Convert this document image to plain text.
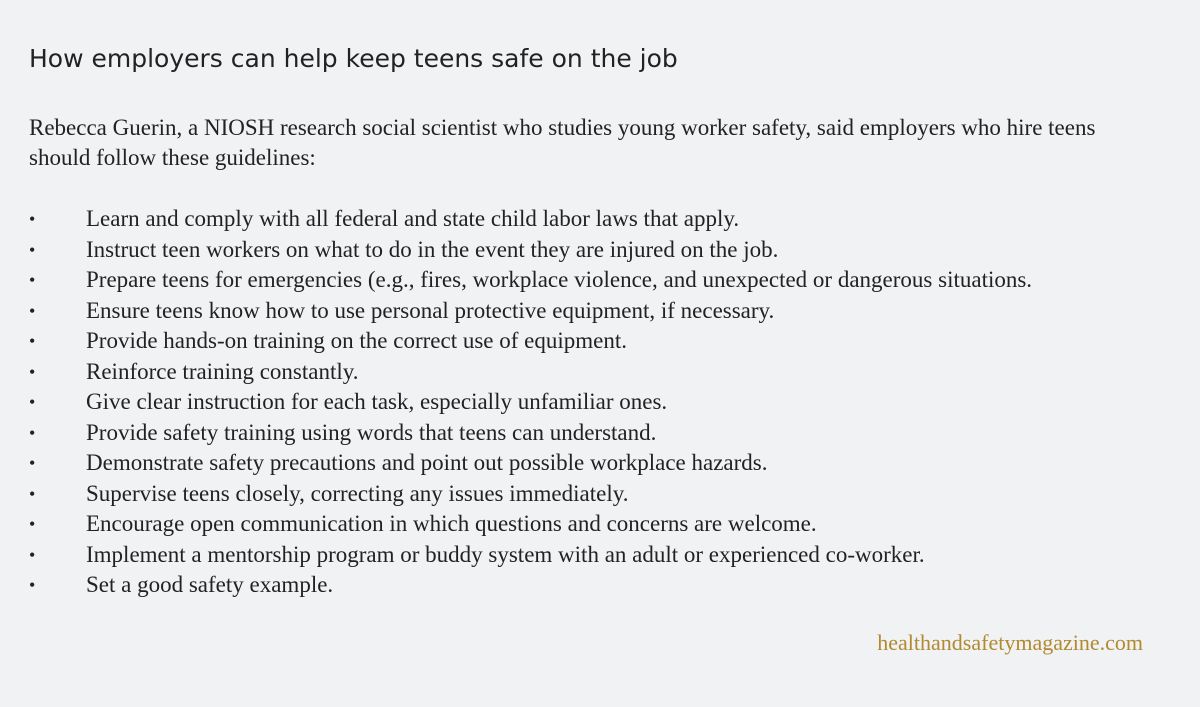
How employers can help keep teens safe on the job

Rebecca Guerin, a NIOSH research social scientist who studies young worker safety, said employers who hire teens should follow these guidelines:

• Learn and comply with all federal and state child labor laws that apply.
• Instruct teen workers on what to do in the event they are injured on the job.
• Prepare teens for emergencies (e.g., fires, workplace violence, and unexpected or dangerous situations.
• Ensure teens know how to use personal protective equipment, if necessary.
• Provide hands-on training on the correct use of equipment.
• Reinforce training constantly.
• Give clear instruction for each task, especially unfamiliar ones.
• Provide safety training using words that teens can understand.
• Demonstrate safety precautions and point out possible workplace hazards.
• Supervise teens closely, correcting any issues immediately.
• Encourage open communication in which questions and concerns are welcome.
• Implement a mentorship program or buddy system with an adult or experienced co-worker.
• Set a good safety example.

healthandsafetymagazine.com
